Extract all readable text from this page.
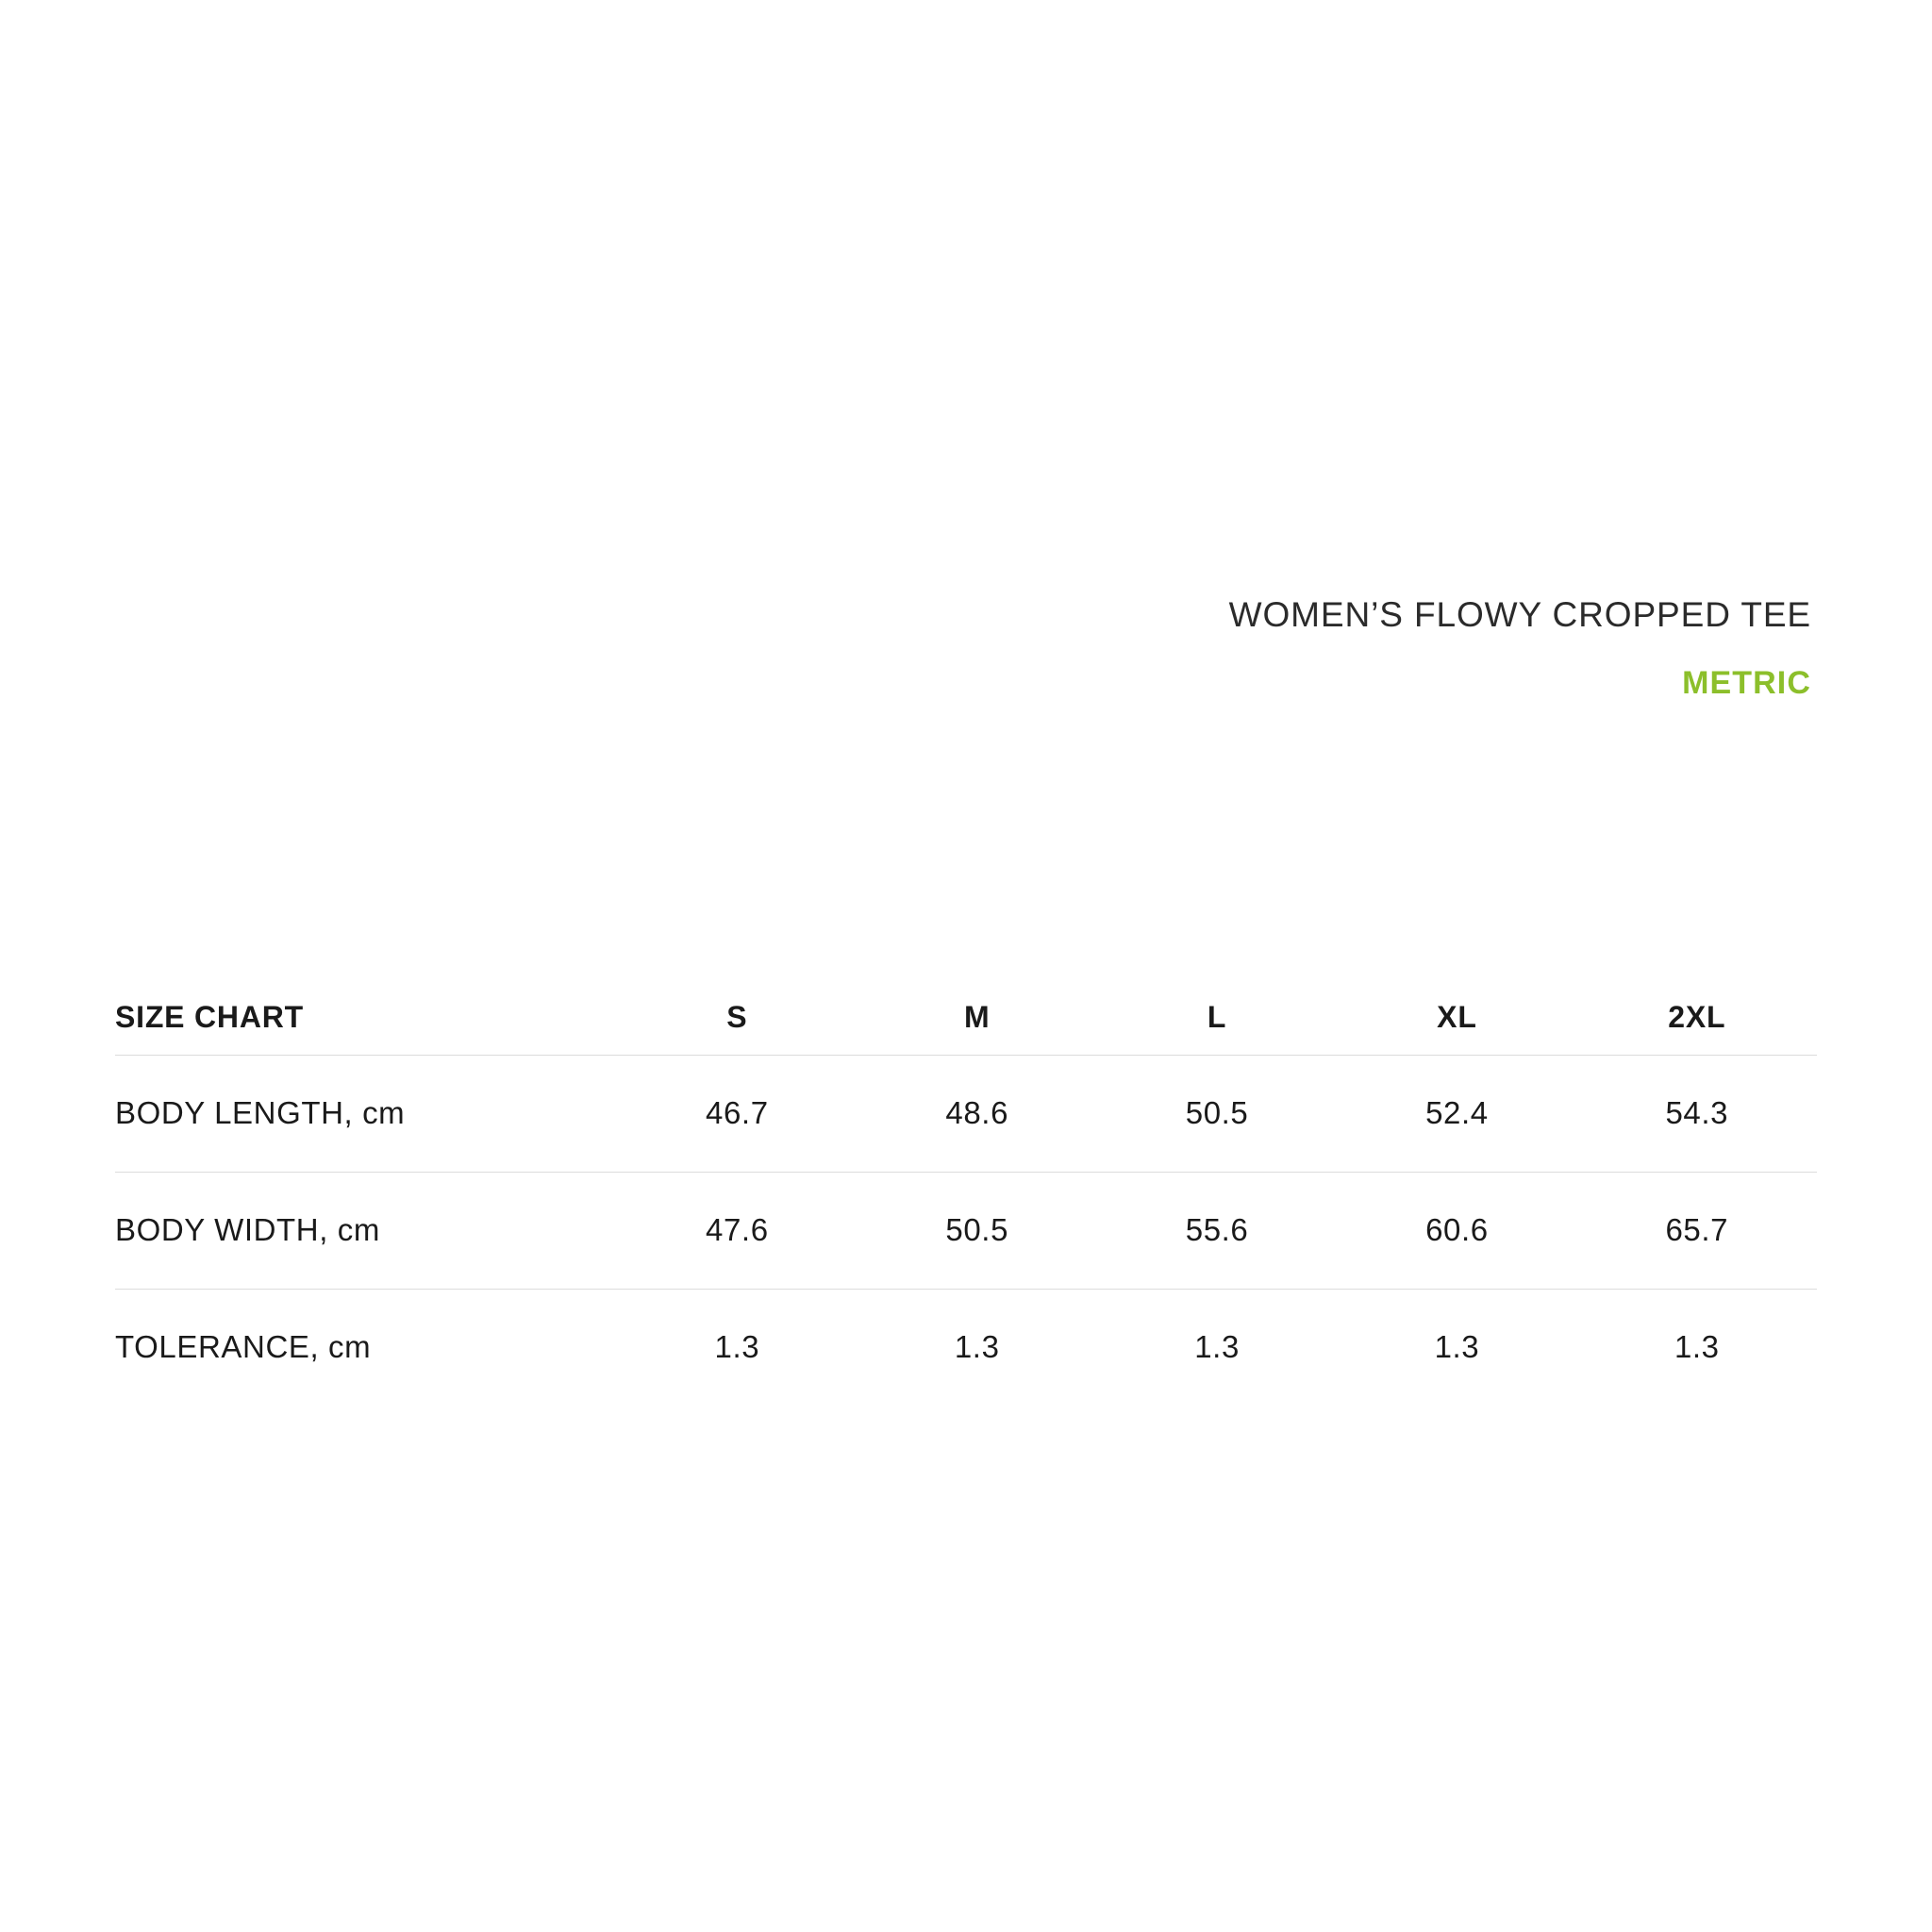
WOMEN’S FLOWY CROPPED TEE
METRIC
SIZE CHART	S	M	L	XL	2XL
BODY LENGTH, cm	46.7	48.6	50.5	52.4	54.3
BODY WIDTH, cm	47.6	50.5	55.6	60.6	65.7
TOLERANCE, cm	1.3	1.3	1.3	1.3	1.3
